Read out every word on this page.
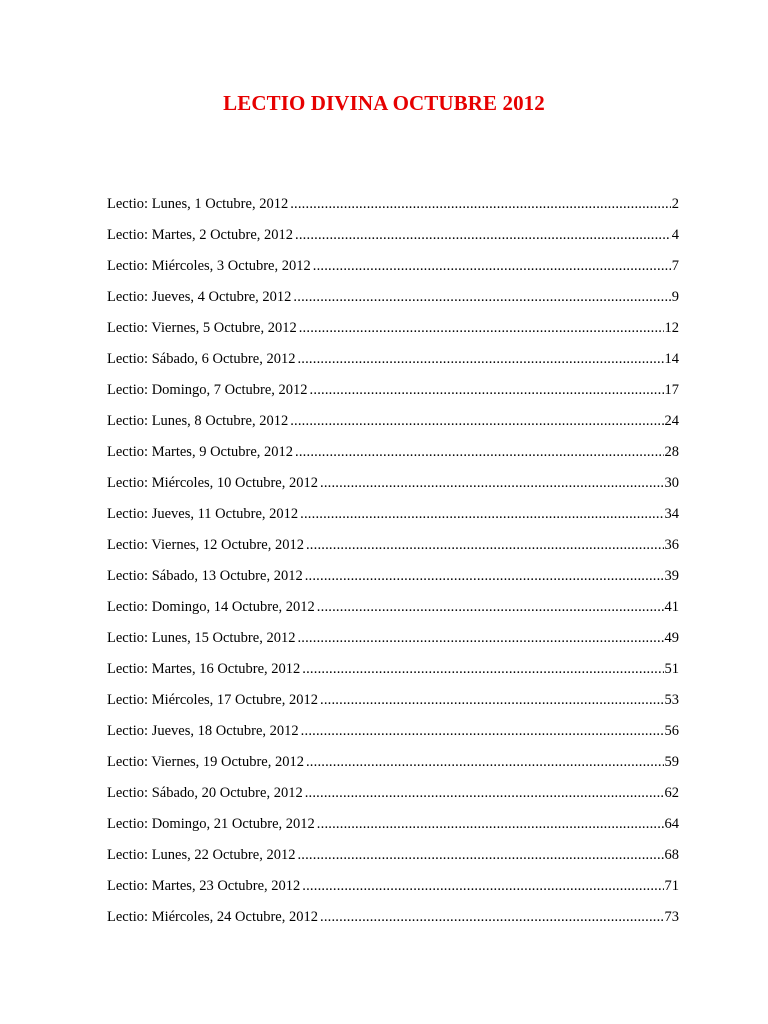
LECTIO DIVINA OCTUBRE 2012
Lectio: Lunes, 1 Octubre, 2012 .....	2
Lectio: Martes, 2 Octubre, 2012 .....	4
Lectio: Miércoles, 3 Octubre, 2012 .....	7
Lectio: Jueves, 4 Octubre, 2012 .....	9
Lectio: Viernes, 5 Octubre, 2012 .....	12
Lectio: Sábado, 6 Octubre, 2012 .....	14
Lectio: Domingo, 7 Octubre, 2012 .....	17
Lectio: Lunes, 8 Octubre, 2012 .....	24
Lectio: Martes, 9 Octubre, 2012 .....	28
Lectio: Miércoles, 10 Octubre, 2012 .....	30
Lectio: Jueves, 11 Octubre, 2012 .....	34
Lectio: Viernes, 12 Octubre, 2012 .....	36
Lectio: Sábado, 13 Octubre, 2012 .....	39
Lectio: Domingo, 14 Octubre, 2012 .....	41
Lectio: Lunes, 15 Octubre, 2012 .....	49
Lectio: Martes, 16 Octubre, 2012 .....	51
Lectio: Miércoles, 17 Octubre, 2012 .....	53
Lectio: Jueves, 18 Octubre, 2012 .....	56
Lectio: Viernes, 19 Octubre, 2012 .....	59
Lectio: Sábado, 20 Octubre, 2012 .....	62
Lectio: Domingo, 21 Octubre, 2012 .....	64
Lectio: Lunes, 22 Octubre, 2012 .....	68
Lectio: Martes, 23 Octubre, 2012 .....	71
Lectio: Miércoles, 24 Octubre, 2012 .....	73
